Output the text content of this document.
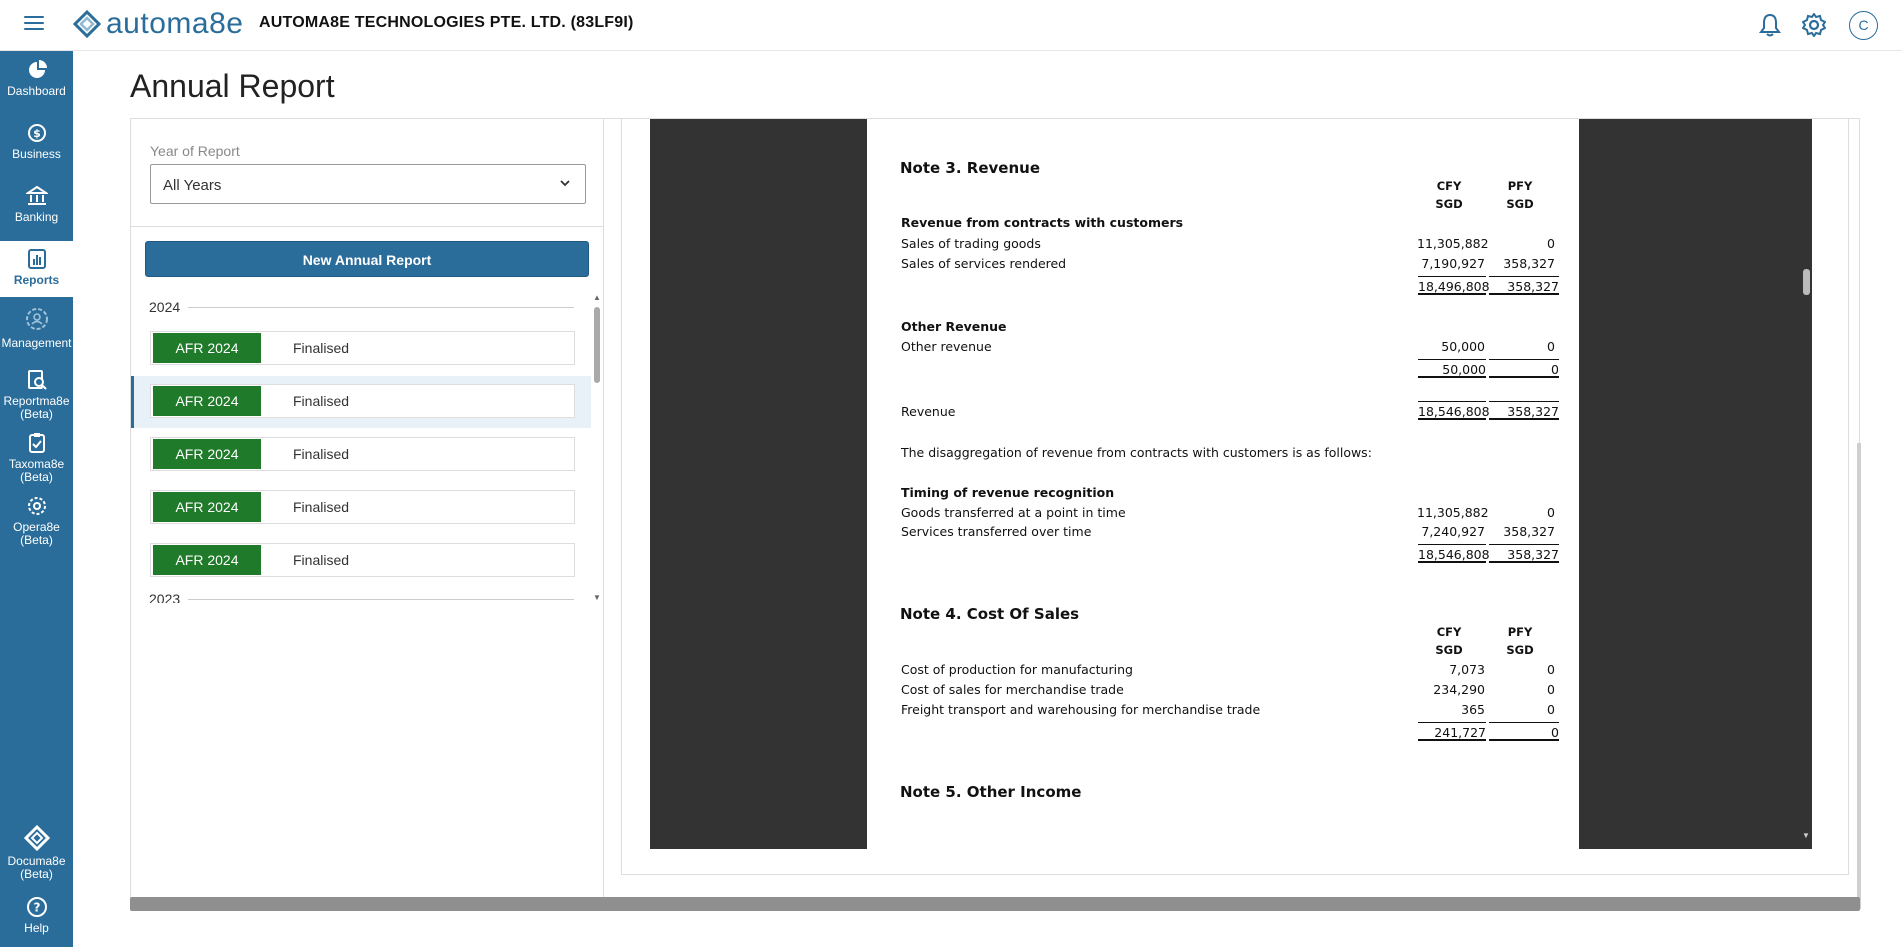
automa8e AUTOMA8E TECHNOLOGIES PTE. LTD. (83LF9I)	C
Dashboard
$
Business
Banking
Reports
Management
Reportma8e
(Beta)
Taxoma8e
(Beta)
Opera8e
(Beta)
Documa8e
(Beta)
?
Help
Annual Report
Year of Report
All Years
New Annual Report
2024
AFR 2024	Finalised
AFR 2024	Finalised
AFR 2024	Finalised
AFR 2024	Finalised
AFR 2024	Finalised
2023
▲
▼
Note 3. Revenue
CFY
SGD
PFY
SGD
Revenue from contracts with customers
Sales of trading goods	11,305,882	0
Sales of services rendered	7,190,927	358,327
18,496,808	358,327
Other Revenue
Other revenue	50,000	0
50,000	0
Revenue	18,546,808	358,327
The disaggregation of revenue from contracts with customers is as follows:
Timing of revenue recognition
Goods transferred at a point in time	11,305,882	0
Services transferred over time	7,240,927	358,327
18,546,808	358,327
Note 4. Cost Of Sales
CFY
SGD
PFY
SGD
Cost of production for manufacturing	7,073	0
Cost of sales for merchandise trade	234,290	0
Freight transport and warehousing for merchandise trade	365	0
241,727	0
Note 5. Other Income
▼
